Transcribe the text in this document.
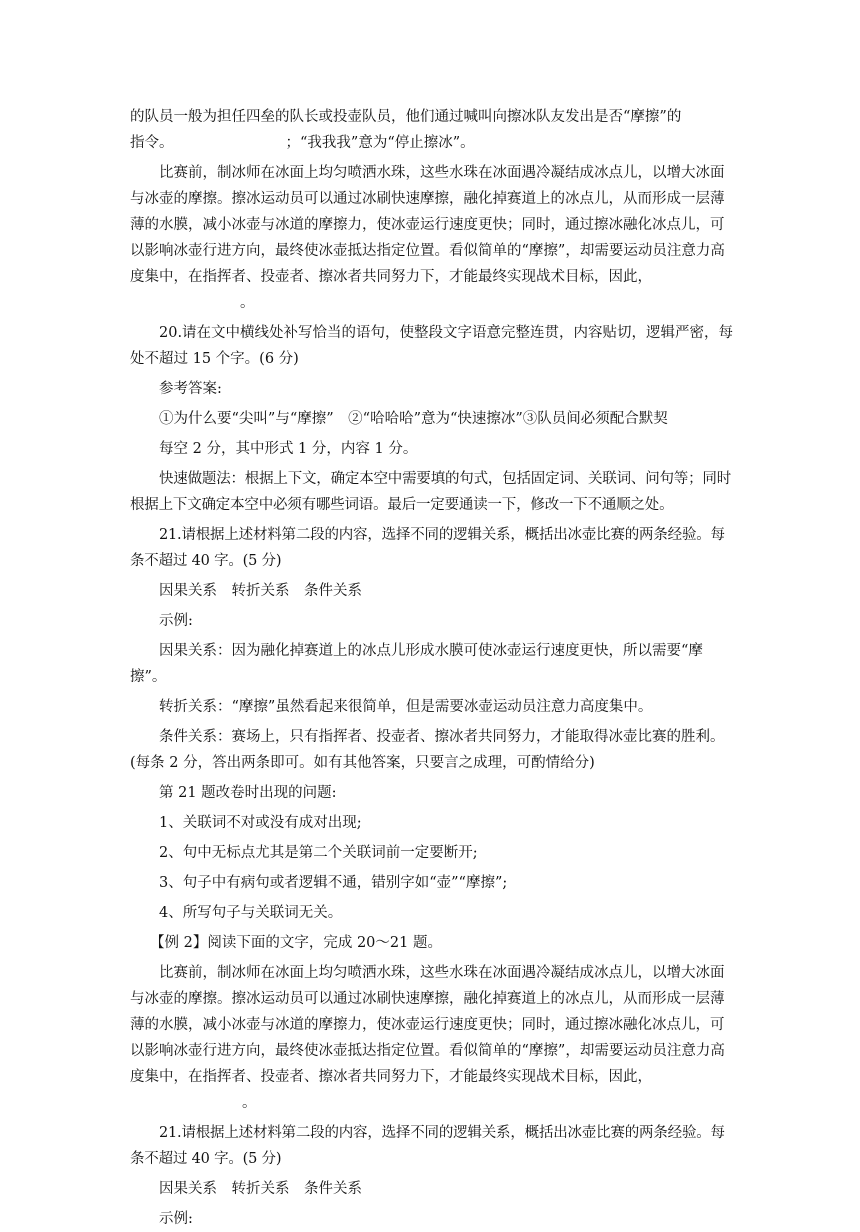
的队员一般为担任四垒的队长或投壶队员，他们通过喊叫向擦冰队友发出是否“摩擦”的

指令。	；“我我我”意为“停止擦冰”。

比赛前，制冰师在冰面上均匀喷洒水珠，这些水珠在冰面遇冷凝结成冰点儿，以增大冰面与冰壶的摩擦。擦冰运动员可以通过冰刷快速摩擦，融化掉赛道上的冰点儿，从而形成一层薄薄的水膜，减小冰壶与冰道的摩擦力，使冰壶运行速度更快；同时，通过擦冰融化冰点儿，可以影响冰壶行进方向，最终使冰壶抵达指定位置。看似简单的“摩擦”，却需要运动员注意力高度集中，在指挥者、投壶者、擦冰者共同努力下，才能最终实现战术目标，因此，。

20.请在文中横线处补写恰当的语句，使整段文字语意完整连贯，内容贴切，逻辑严密，每处不超过 15 个字。(6 分)

参考答案:

①为什么要“尖叫”与“摩擦”　②“哈哈哈”意为“快速擦冰”③队员间必须配合默契

每空 2 分，其中形式 1 分，内容 1 分。

快速做题法：根据上下文，确定本空中需要填的句式，包括固定词、关联词、问句等；同时根据上下文确定本空中必须有哪些词语。最后一定要通读一下，修改一下不通顺之处。

21.请根据上述材料第二段的内容，选择不同的逻辑关系，概括出冰壶比赛的两条经验。每条不超过 40 字。(5 分)

因果关系　转折关系　条件关系

示例:

因果关系：因为融化掉赛道上的冰点儿形成水膜可使冰壶运行速度更快，所以需要“摩擦”。

转折关系：“摩擦”虽然看起来很简单，但是需要冰壶运动员注意力高度集中。

条件关系：赛场上，只有指挥者、投壶者、擦冰者共同努力，才能取得冰壶比赛的胜利。(每条 2 分，答出两条即可。如有其他答案，只要言之成理，可酌情给分)

第 21 题改卷时出现的问题:

1、关联词不对或没有成对出现;

2、句中无标点尤其是第二个关联词前一定要断开;

3、句子中有病句或者逻辑不通，错别字如“壶”“摩擦”;

4、所写句子与关联词无关。

【例 2】阅读下面的文字，完成 20～21 题。

比赛前，制冰师在冰面上均匀喷洒水珠，这些水珠在冰面遇冷凝结成冰点儿，以增大冰面与冰壶的摩擦。擦冰运动员可以通过冰刷快速摩擦，融化掉赛道上的冰点儿，从而形成一层薄薄的水膜，减小冰壶与冰道的摩擦力，使冰壶运行速度更快；同时，通过擦冰融化冰点儿，可以影响冰壶行进方向，最终使冰壶抵达指定位置。看似简单的“摩擦”，却需要运动员注意力高度集中，在指挥者、投壶者、擦冰者共同努力下，才能最终实现战术目标，因此，。

21.请根据上述材料第二段的内容，选择不同的逻辑关系，概括出冰壶比赛的两条经验。每条不超过 40 字。(5 分)

因果关系　转折关系　条件关系

示例:
